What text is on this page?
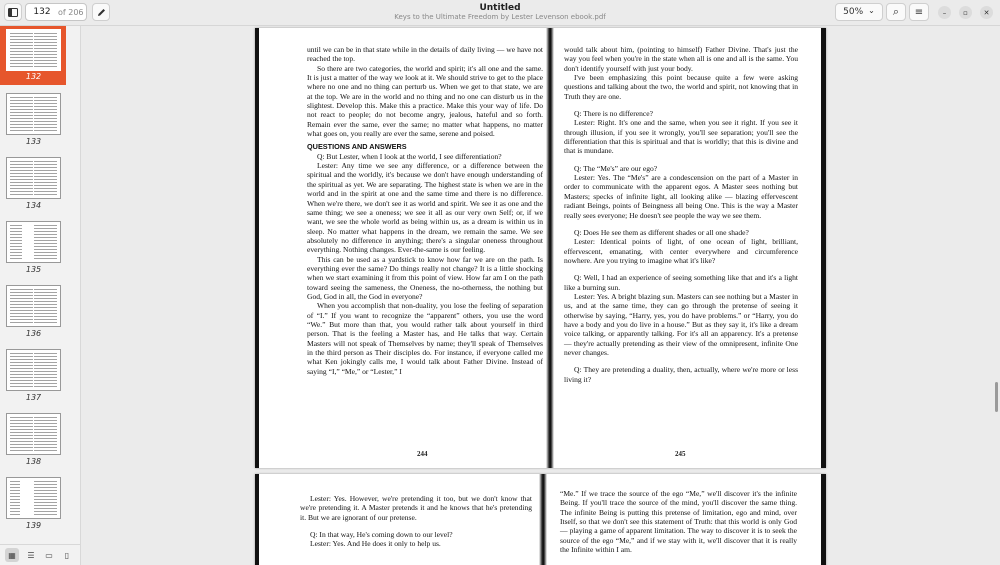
132 of 206	Untitled
Keys to the Ultimate Freedom by Lester Levenson ebook.pdf	50% ⌄ ⌕ ≡	– ▫ ✕
132
133
134
135
136
137
138
139
▦ ☰ ▭ ▯

until we can be in that state while in the details of daily living — we have not reached the top.

So there are two categories, the world and spirit; it's all one and the same. It is just a matter of the way we look at it. We should strive to get to the place where no one and no thing can perturb us. When we get to that state, we are at the top. We are in the world and no thing and no one can disturb us in the slightest. Develop this. Make this a practice. Make this your way of life. Do not react to people; do not become angry, jealous, hateful and so forth. Remain ever the same, ever the same; no matter what happens, no matter what goes on, you really are ever the same, serene and poised.

QUESTIONS AND ANSWERS

Q: But Lester, when I look at the world, I see differentiation?

Lester: Any time we see any difference, or a difference between the spiritual and the worldly, it's because we don't have enough understanding of the spiritual as yet. We are separating. The highest state is when we are in the world and in the spirit at one and the same time and there is no difference. When we're there, we don't see it as world and spirit. We see it as one and the same thing; we see a oneness; we see it all as our very own Self; or, if we want, we see the whole world as being within us, as a dream is within us in sleep. No matter what happens in the dream, we remain the same. We see absolutely no difference in anything; there's a singular oneness throughout everything. Nothing changes. Ever-the-same is our feeling.

This can be used as a yardstick to know how far we are on the path. Is everything ever the same? Do things really not change? It is a little shocking when we start examining it from this point of view. How far am I on the path toward seeing the sameness, the Oneness, the no-otherness, the nothing but God, God in all, the God in everyone?

When you accomplish that non-duality, you lose the feeling of separation of “I.” If you want to recognize the “apparent” others, you use the word “We.” But more than that, you would rather talk about yourself in third person. That is the feeling a Master has, and He talks that way. Certain Masters will not speak of Themselves by name; they'll speak of Themselves in the third person as Their disciples do. For instance, if everyone called me what Ken jokingly calls me, I would talk about Father Divine. Instead of saying “I,” “Me,” or “Lester,” I

244

would talk about him, (pointing to himself) Father Divine. That's just the way you feel when you're in the state when all is one and all is the same. You don't identify yourself with just your body.

I've been emphasizing this point because quite a few were asking questions and talking about the two, the world and spirit, not knowing that in Truth they are one.

Q: There is no difference?

Lester: Right. It's one and the same, when you see it right. If you see it through illusion, if you see it wrongly, you'll see separation; you'll see the differentiation that this is spiritual and that is worldly; that this is divine and that is mundane.

Q: The “Me's” are our ego?

Lester: Yes. The “Me's” are a condescension on the part of a Master in order to communicate with the apparent egos. A Master sees nothing but Masters; specks of infinite light, all looking alike — blazing effervescent radiant Beings, points of Beingness all being One. This is the way a Master really sees everyone; He doesn't see people the way we see them.

Q: Does He see them as different shades or all one shade?

Lester: Identical points of light, of one ocean of light, brilliant, effervescent, emanating, with center everywhere and circumference nowhere. Are you trying to imagine what it's like?

Q: Well, I had an experience of seeing something like that and it's a light like a burning sun.

Lester: Yes. A bright blazing sun. Masters can see nothing but a Master in us, and at the same time, they can go through the pretense of seeing it otherwise by saying, “Harry, yes, you do have problems.” or “Harry, you do have a body and you do live in a house.” But as they say it, it's like a dream voice talking, or apparently talking. For it's all an apparency. It's a pretense — they're actually pretending as their view of the omnipresent, infinite One never changes.

Q: They are pretending a duality, then, actually, where we're more or less living it?

245

Lester: Yes. However, we're pretending it too, but we don't know that we're pretending it. A Master pretends it and he knows that he's pretending it. But we are ignorant of our pretense.

Q: In that way, He's coming down to our level?

Lester: Yes. And He does it only to help us.

“Me.” If we trace the source of the ego “Me,” we'll discover it's the infinite Being. If you'll trace the source of the mind, you'll discover the same thing. The infinite Being is putting this pretense of limitation, ego and mind, over Itself, so that we don't see this statement of Truth: that this world is only God — playing a game of apparent limitation. The way to discover it is to seek the source of the ego “Me,” and if we stay with it, we'll discover that it is really the Infinite within I am.
